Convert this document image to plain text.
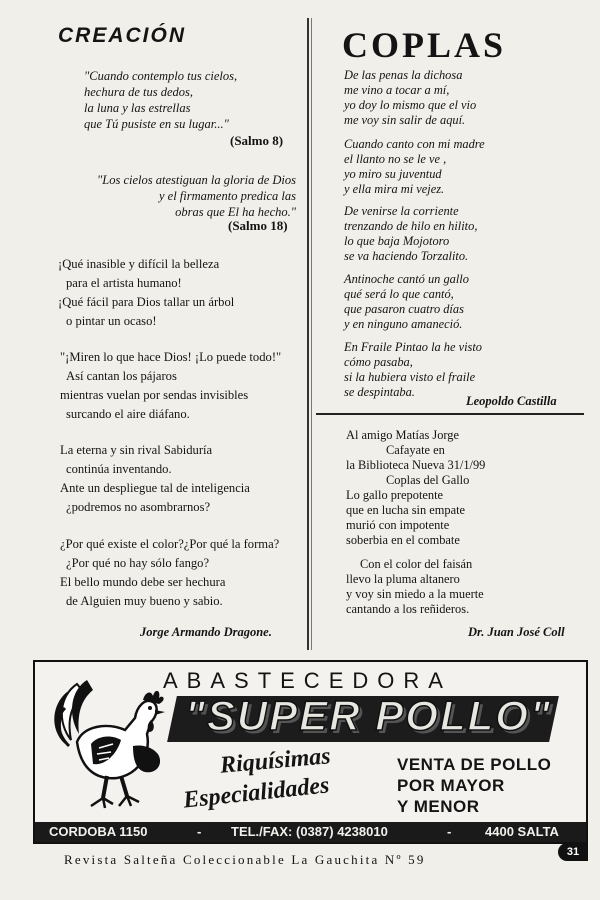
CREACIÓN
"Cuando contemplo tus cielos,
hechura de tus dedos,
la luna y las estrellas
que Tú pusiste en su lugar..."
(Salmo 8)
"Los cielos atestiguan la gloria de Dios
y el firmamento predica las
obras que El ha hecho."
(Salmo 18)
¡Qué inasible y difícil la belleza
para el artista humano!
¡Qué fácil para Dios tallar un árbol
o pintar un ocaso!
"¡Miren lo que hace Dios! ¡Lo puede todo!"
Así cantan los pájaros
mientras vuelan por sendas invisibles
surcando el aire diáfano.
La eterna y sin rival Sabiduría
continúa inventando.
Ante un despliegue tal de inteligencia
¿podremos no asombrarnos?
¿Por qué existe el color?¿Por qué la forma?
¿Por qué no hay sólo fango?
El bello mundo debe ser hechura
de Alguien muy bueno y sabio.
Jorge Armando Dragone.
COPLAS
De las penas la dichosa
me vino a tocar a mí,
yo doy lo mismo que el vio
me voy sin salir de aquí.
Cuando canto con mi madre
el llanto no se le ve ,
yo miro su juventud
y ella mira mi vejez.
De venirse la corriente
trenzando de hilo en hilito,
lo que baja Mojotoro
se va haciendo Torzalito.
Antinoche cantó un gallo
qué será lo que cantó,
que pasaron cuatro días
y en ninguno amaneció.
En Fraile Pintao la he visto
cómo pasaba,
si la hubiera visto el fraile
se despintaba.
Leopoldo Castilla
Al amigo Matías Jorge
Cafayate en
la Biblioteca Nueva 31/1/99
Coplas del Gallo
Lo gallo prepotente
que en lucha sin empate
murió con impotente
soberbia en el combate
Con el color del faisán
llevo la pluma altanero
y voy sin miedo a la muerte
cantando a los reñideros.
Dr. Juan José Coll
ABASTECEDORA
"SUPER POLLO"
Riquísimas
Especialidades
VENTA DE POLLO
POR MAYOR
Y MENOR
CORDOBA 1150	- TEL./FAX: (0387) 4238010	-	4400 SALTA
Revista Salteña Coleccionable La Gauchita Nº 59	31
